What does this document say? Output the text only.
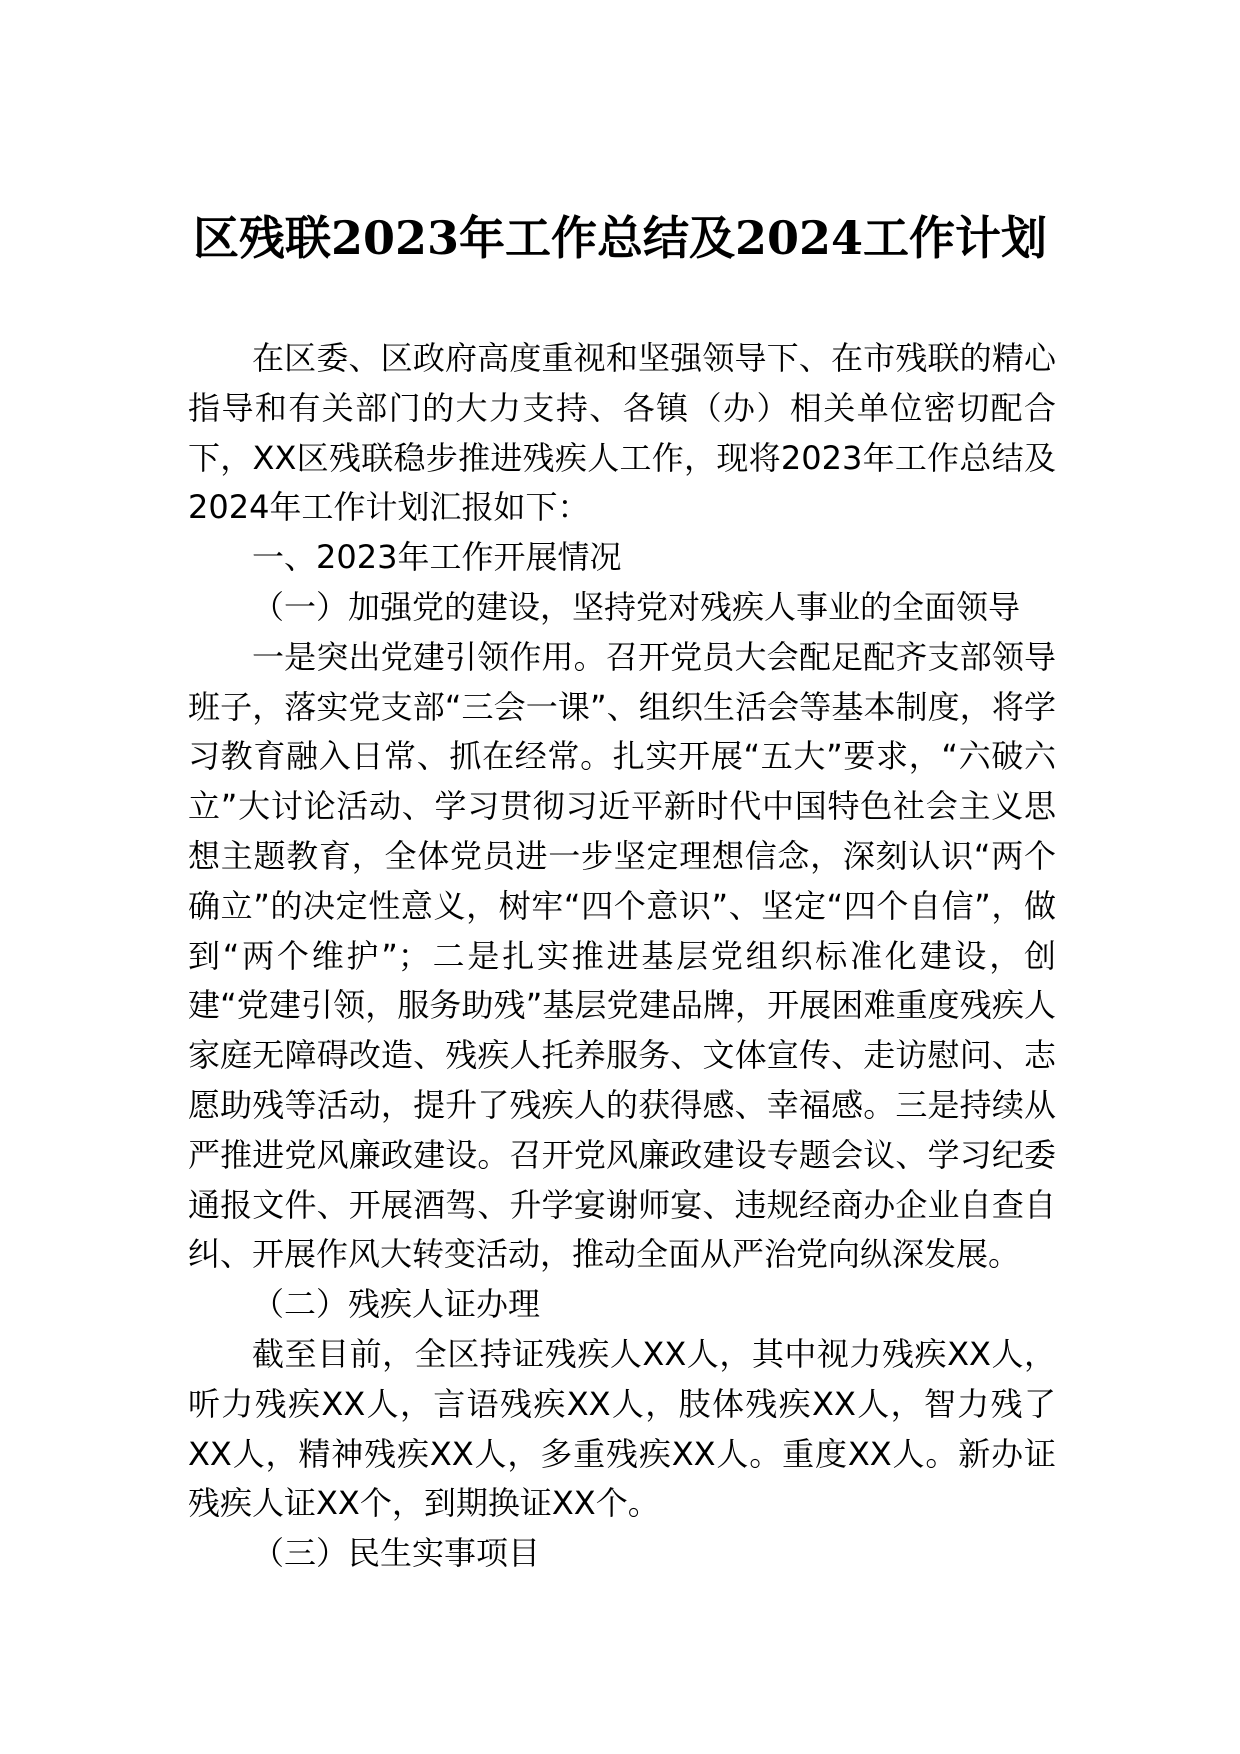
区残联2023年工作总结及2024工作计划

在区委、区政府高度重视和坚强领导下、在市残联的精心指导和有关部门的大力支持、各镇（办）相关单位密切配合下，XX区残联稳步推进残疾人工作，现将2023年工作总结及2024年工作计划汇报如下：

一、2023年工作开展情况

（一）加强党的建设，坚持党对残疾人事业的全面领导

一是突出党建引领作用。召开党员大会配足配齐支部领导班子，落实党支部“三会一课”、组织生活会等基本制度，将学习教育融入日常、抓在经常。扎实开展“五大”要求，“六破六立”大讨论活动、学习贯彻习近平新时代中国特色社会主义思想主题教育，全体党员进一步坚定理想信念，深刻认识“两个确立”的决定性意义，树牢“四个意识”、坚定“四个自信”，做到“两个维护”；二是扎实推进基层党组织标准化建设，创建“党建引领，服务助残”基层党建品牌，开展困难重度残疾人家庭无障碍改造、残疾人托养服务、文体宣传、走访慰问、志愿助残等活动，提升了残疾人的获得感、幸福感。三是持续从严推进党风廉政建设。召开党风廉政建设专题会议、学习纪委通报文件、开展酒驾、升学宴谢师宴、违规经商办企业自查自纠、开展作风大转变活动，推动全面从严治党向纵深发展。

（二）残疾人证办理

截至目前，全区持证残疾人XX人，其中视力残疾XX人，听力残疾XX人，言语残疾XX人，肢体残疾XX人，智力残了XX人，精神残疾XX人，多重残疾XX人。重度XX人。新办证残疾人证XX个，到期换证XX个。

（三）民生实事项目
